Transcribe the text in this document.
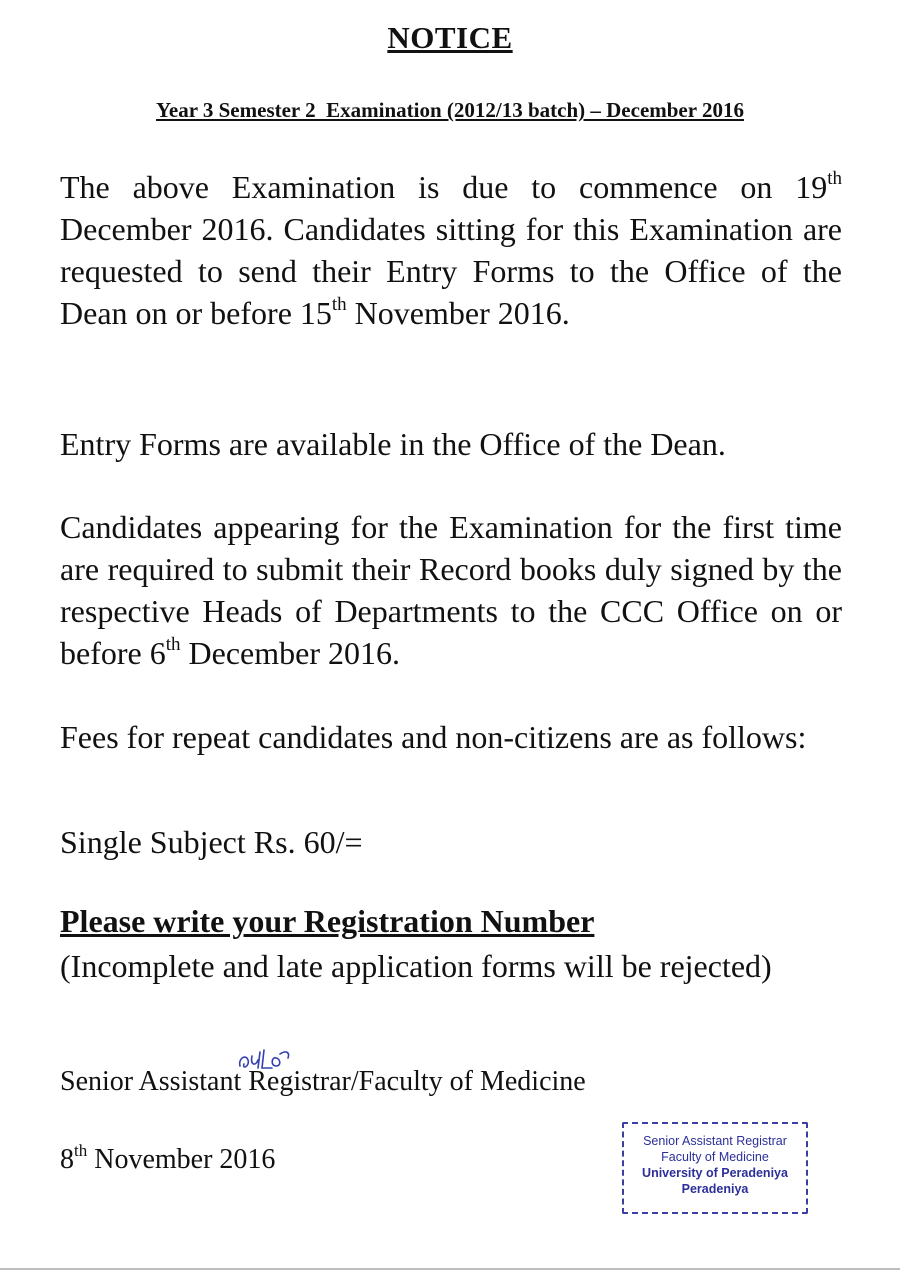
NOTICE
Year 3 Semester 2  Examination (2012/13 batch) – December 2016
The above Examination is due to commence on 19th December 2016. Candidates sitting for this Examination are requested to send their Entry Forms to the Office of the Dean on or before 15th November 2016.
Entry Forms are available in the Office of the Dean.
Candidates appearing for the Examination for the first time are required to submit their Record books duly signed by the respective Heads of Departments to the CCC Office on or before 6th December 2016.
Fees for repeat candidates and non-citizens are as follows:
Single Subject Rs. 60/=
Please write your Registration Number
(Incomplete and late application forms will be rejected)
Senior Assistant Registrar/Faculty of Medicine
8th November 2016
Senior Assistant Registrar
Faculty of Medicine
University of Peradeniya
Peradeniya
